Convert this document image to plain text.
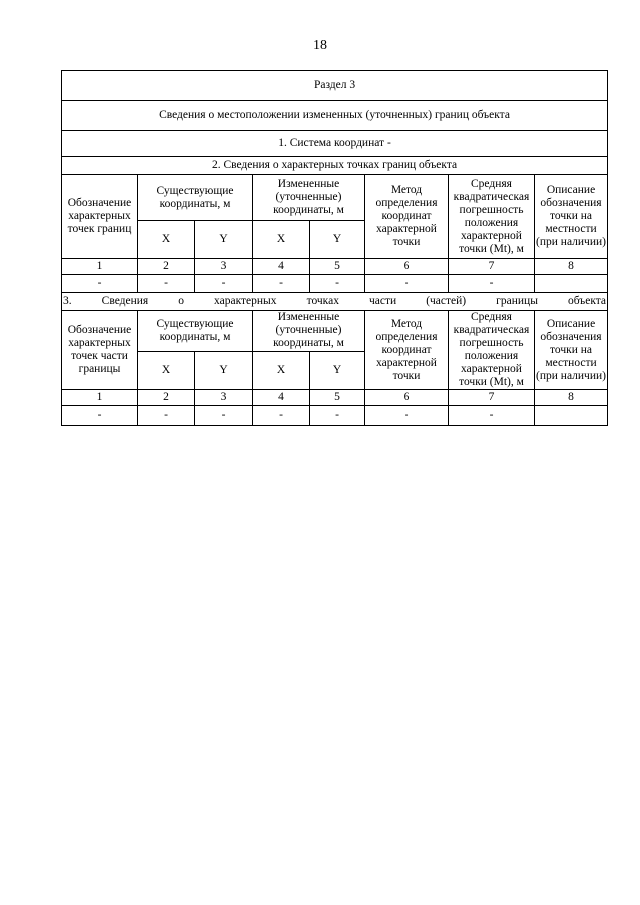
18
Раздел 3							
Сведения о местоположении измененных (уточненных) границ объекта							
1. Система координат -							
2. Сведения о характерных точках границ объекта							
Обозначение характерных точек границ	Существующие координаты, м		Измененные (уточненные) координаты, м		Метод определения координат характерной точки	Средняя квадратическая погрешность положения характерной точки (Mt), м	Описание обозначения точки на местности (при наличии)
	X	Y	X	Y			
1	2	3	4	5	6	7	8
-	-	-	-	-	-	-	
3. Сведения о характерных точках части (частей) границы объекта							
Обозначение характерных точек части границы	Существующие координаты, м		Измененные (уточненные) координаты, м		Метод определения координат характерной точки	Средняя квадратическая погрешность положения характерной точки (Mt), м	Описание обозначения точки на местности (при наличии)
	X	Y	X	Y			
1	2	3	4	5	6	7	8
-	-	-	-	-	-	-	
